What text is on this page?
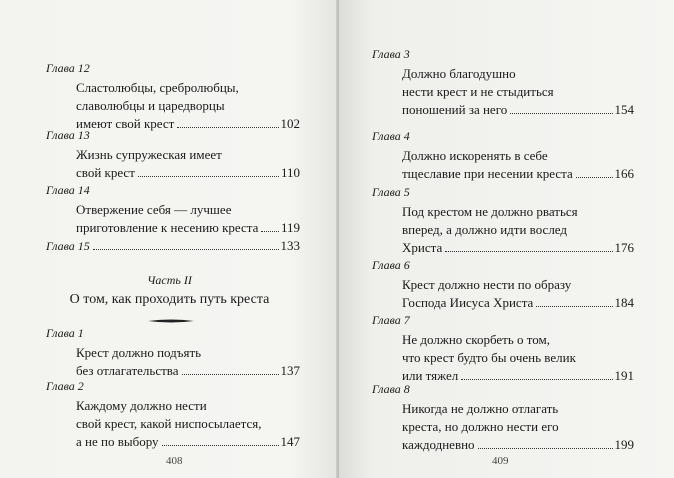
Глава 12
Сластолюбцы, сребролюбцы,
славолюбцы и царедворцы
имеют свой крест	102
Глава 13
Жизнь супружеская имеет
свой крест	110
Глава 14
Отвержение себя — лучшее
приготовление к несению креста 119
Глава 15	133
Часть II
О том, как проходить путь креста
Глава 1
Крест должно подъять
без отлагательства	137
Глава 2
Каждому должно нести
свой крест, какой ниспосылается,
а не по выбору	147
408
Глава 3
Должно благодушно
нести крест и не стыдиться
поношений за него	154
Глава 4
Должно искоренять в себе
тщеславие при несении креста	166
Глава 5
Под крестом не должно рваться
вперед, а должно идти вослед
Христа	176
Глава 6
Крест должно нести по образу
Господа Иисуса Христа	184
Глава 7
Не должно скорбеть о том,
что крест будто бы очень велик
или тяжел	191
Глава 8
Никогда не должно отлагать
креста, но должно нести его
каждодневно	199
409
